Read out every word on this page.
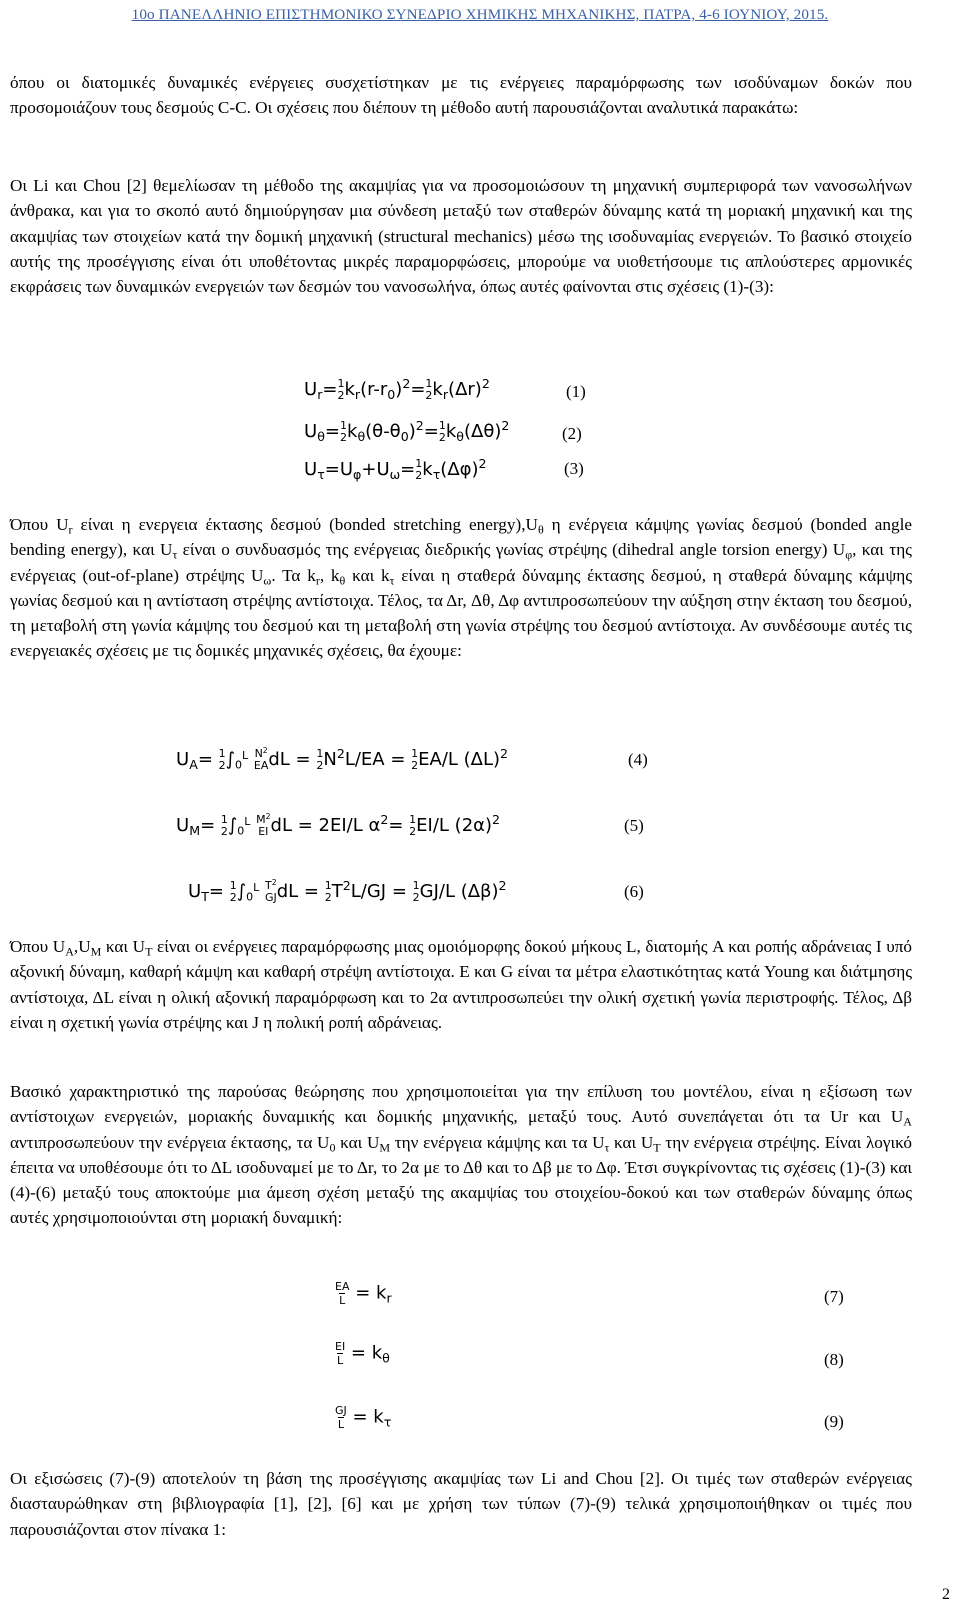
10ο ΠΑΝΕΛΛΗΝΙΟ ΕΠΙΣΤΗΜΟΝΙΚΟ ΣΥΝΕΔΡΙΟ ΧΗΜΙΚΗΣ ΜΗΧΑΝΙΚΗΣ, ΠΑΤΡΑ, 4-6 ΙΟΥΝΙΟΥ, 2015.
όπου οι διατομικές δυναμικές ενέργειες συσχετίστηκαν με τις ενέργειες παραμόρφωσης των ισοδύναμων δοκών που προσομοιάζουν τους δεσμούς C-C. Οι σχέσεις που διέπουν τη μέθοδο αυτή παρουσιάζονται αναλυτικά παρακάτω:
Οι Li και Chou [2] θεμελίωσαν τη μέθοδο της ακαμψίας για να προσομοιώσουν τη μηχανική συμπεριφορά των νανοσωλήνων άνθρακα, και για το σκοπό αυτό δημιούργησαν μια σύνδεση μεταξύ των σταθερών δύναμης κατά τη μοριακή μηχανική και της ακαμψίας των στοιχείων κατά την δομική μηχανική (structural mechanics) μέσω της ισοδυναμίας ενεργειών. Το βασικό στοιχείο αυτής της προσέγγισης είναι ότι υποθέτοντας μικρές παραμορφώσεις, μπορούμε να υιοθετήσουμε τις απλούστερες αρμονικές εκφράσεις των δυναμικών ενεργειών των δεσμών του νανοσωλήνα, όπως αυτές φαίνονται στις σχέσεις (1)-(3):
$U_r=1$
$2k_r(r-r_0)^2=1$
$2k_r(\Delta r)^2$	(1)
$U_\theta=1$
$2k_\theta(\theta-\theta_0)^2=1$
$2k_\theta(\Delta\theta)^2$	(2)
$U_\tau=U_\varphi+U_\omega=1$
$2k_\tau(\Delta\varphi)^2$	(3)
Όπου $U_r$ είναι η ενεργεια έκτασης δεσμού (bonded stretching $energy),U_\theta$ η ενέργεια κάμψης γωνίας δεσμού (bonded angle bending energy), και $U_\tau$ είναι ο συνδυασμός της ενέργειας διεδρικής γωνίας στρέψης (dihedral angle torsion energy) $U_\varphi$, και της ενέργειας (out-of-plane) στρέψης $U_\omega$. Τα $k_r$, $k_\theta$ και $k_\tau$ είναι η σταθερά δύναμης έκτασης δεσμού, η σταθερά δύναμης κάμψης γωνίας δεσμού και η αντίσταση στρέψης αντίστοιχα. Τέλος, τα Δr, Δθ, Δφ αντιπροσωπεύουν την αύξηση στην έκταση του δεσμού, τη μεταβολή στη γωνία κάμψης του δεσμού και τη μεταβολή στη γωνία στρέψης του δεσμού αντίστοιχα. Αν συνδέσουμε αυτές τις ενεργειακές σχέσεις με τις δομικές μηχανικές σχέσεις, θα έχουμε:
$U_A= 1$
$2\int_0^L$ $N^2$
EAdL = 1
$2N^2L/EA = 1$
2EA/L $(\Delta L)^2$	(4)
$U_M= 1$
$2\int_0^L$ $M^2$
EI dL = 2EI/L $\alpha^2= 1$
2EI/L $(2\alpha)^2$	(5)
$U_T= 1$
$2\int_0^L$ $T^2$
GJdL = 1
$2T^2L/GJ = 1$
2GJ/L $(\Delta\beta)^2$	(6)
Όπου $U_A,U_M$ και $U_T$ είναι οι ενέργειες παραμόρφωσης μιας ομοιόμορφης δοκού μήκους L, διατομής A και ροπής αδράνειας I υπό αξονική δύναμη, καθαρή κάμψη και καθαρή στρέψη αντίστοιχα. E και G είναι τα μέτρα ελαστικότητας κατά Young και διάτμησης αντίστοιχα, ΔL είναι η ολική αξονική παραμόρφωση και το 2α αντιπροσωπεύει την ολική σχετική γωνία περιστροφής. Τέλος, Δβ είναι η σχετική γωνία στρέψης και J η πολική ροπή αδράνειας.
Βασικό χαρακτηριστικό της παρούσας θεώρησης που χρησιμοποιείται για την επίλυση του μοντέλου, είναι η εξίσωση των αντίστοιχων ενεργειών, μοριακής δυναμικής και δομικής μηχανικής, μεταξύ τους. Αυτό συνεπάγεται ότι τα Ur και $U_A$ αντιπροσωπεύουν την ενέργεια έκτασης, τα $U_0$ και $U_M$ την ενέργεια κάμψης και τα $U_\tau$ και $U_T$ την ενέργεια στρέψης. Είναι λογικό έπειτα να υποθέσουμε ότι το ΔL ισοδυναμεί με το Δr, το 2α με το Δθ και το Δβ με το Δφ. Έτσι συγκρίνοντας τις σχέσεις (1)-(3) και (4)-(6) μεταξύ τους αποκτούμε μια άμεση σχέση μεταξύ της ακαμψίας του στοιχείου-δοκού και των σταθερών δύναμης όπως αυτές χρησιμοποιούνται στη μοριακή δυναμική:
EA
$L = k_r$	(7)
EI
$L = k_\theta$	(8)
GJ
$L = k_\tau$	(9)
Οι εξισώσεις (7)-(9) αποτελούν τη βάση της προσέγγισης ακαμψίας των Li and Chou [2]. Οι τιμές των σταθερών ενέργειας διασταυρώθηκαν στη βιβλιογραφία [1], [2], [6] και με χρήση των τύπων (7)-(9) τελικά χρησιμοποιήθηκαν οι τιμές που παρουσιάζονται στον πίνακα 1:
2
